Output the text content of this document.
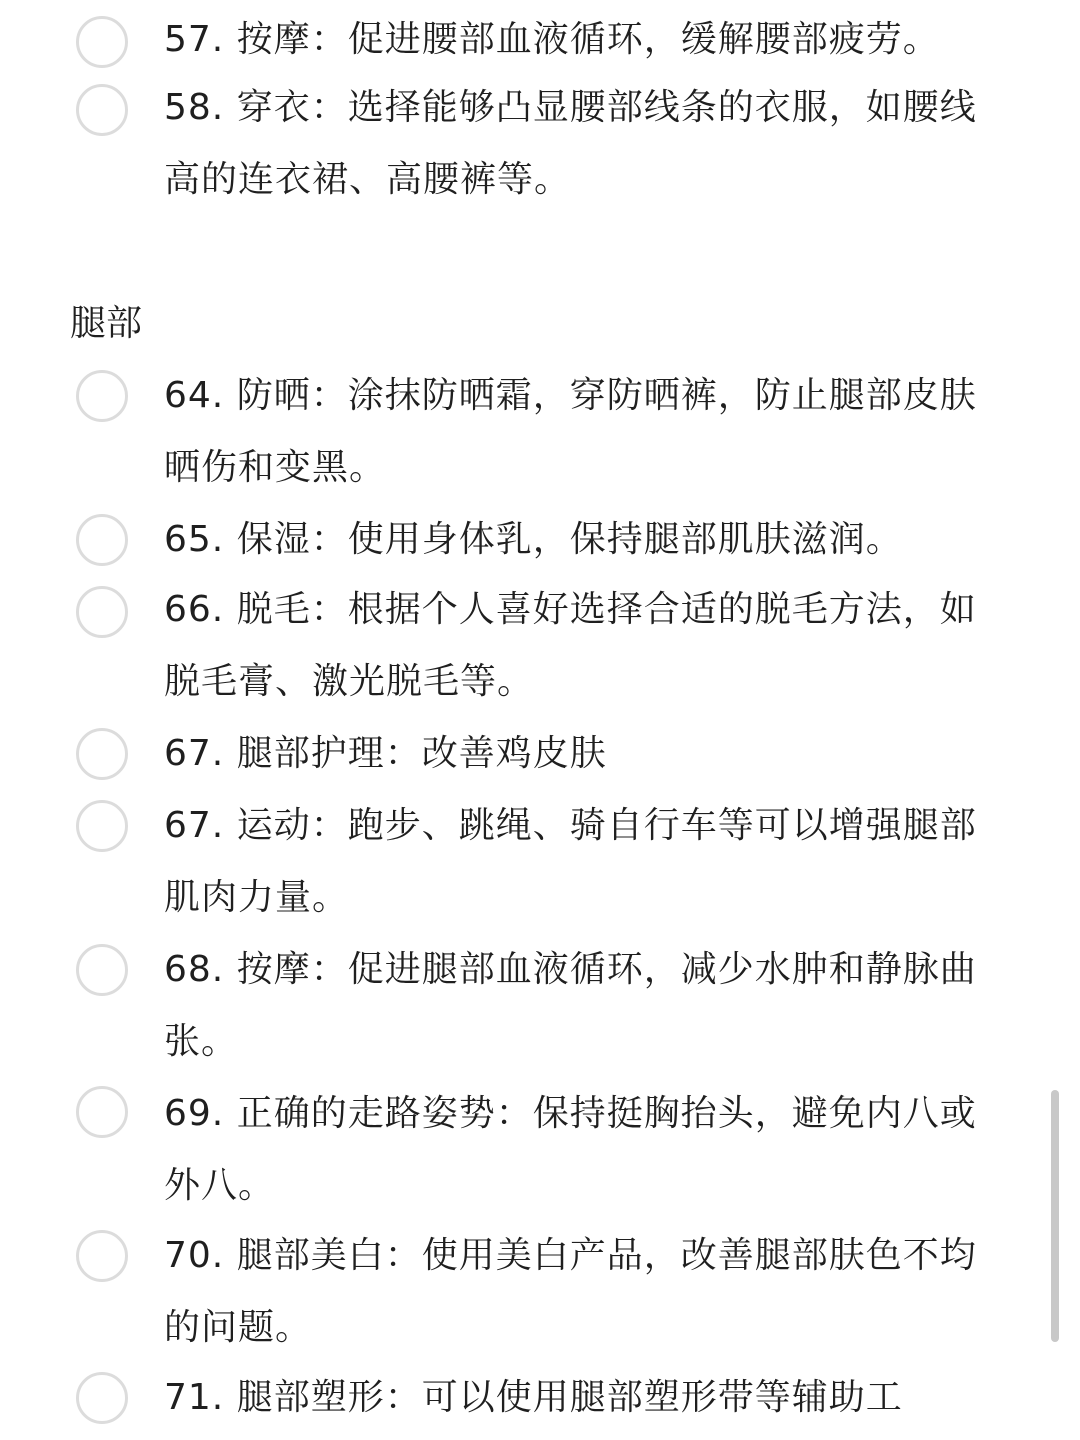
57. 按摩：促进腰部血液循环，缓解腰部疲劳。
58. 穿衣：选择能够凸显腰部线条的衣服，如腰线高的连衣裙、高腰裤等。
腿部
64. 防晒：涂抹防晒霜，穿防晒裤，防止腿部皮肤晒伤和变黑。
65. 保湿：使用身体乳，保持腿部肌肤滋润。
66. 脱毛：根据个人喜好选择合适的脱毛方法，如脱毛膏、激光脱毛等。
67. 腿部护理：改善鸡皮肤
67. 运动：跑步、跳绳、骑自行车等可以增强腿部肌肉力量。
68. 按摩：促进腿部血液循环，减少水肿和静脉曲张。
69. 正确的走路姿势：保持挺胸抬头，避免内八或外八。
70. 腿部美白：使用美白产品，改善腿部肤色不均的问题。
71. 腿部塑形：可以使用腿部塑形带等辅助工
